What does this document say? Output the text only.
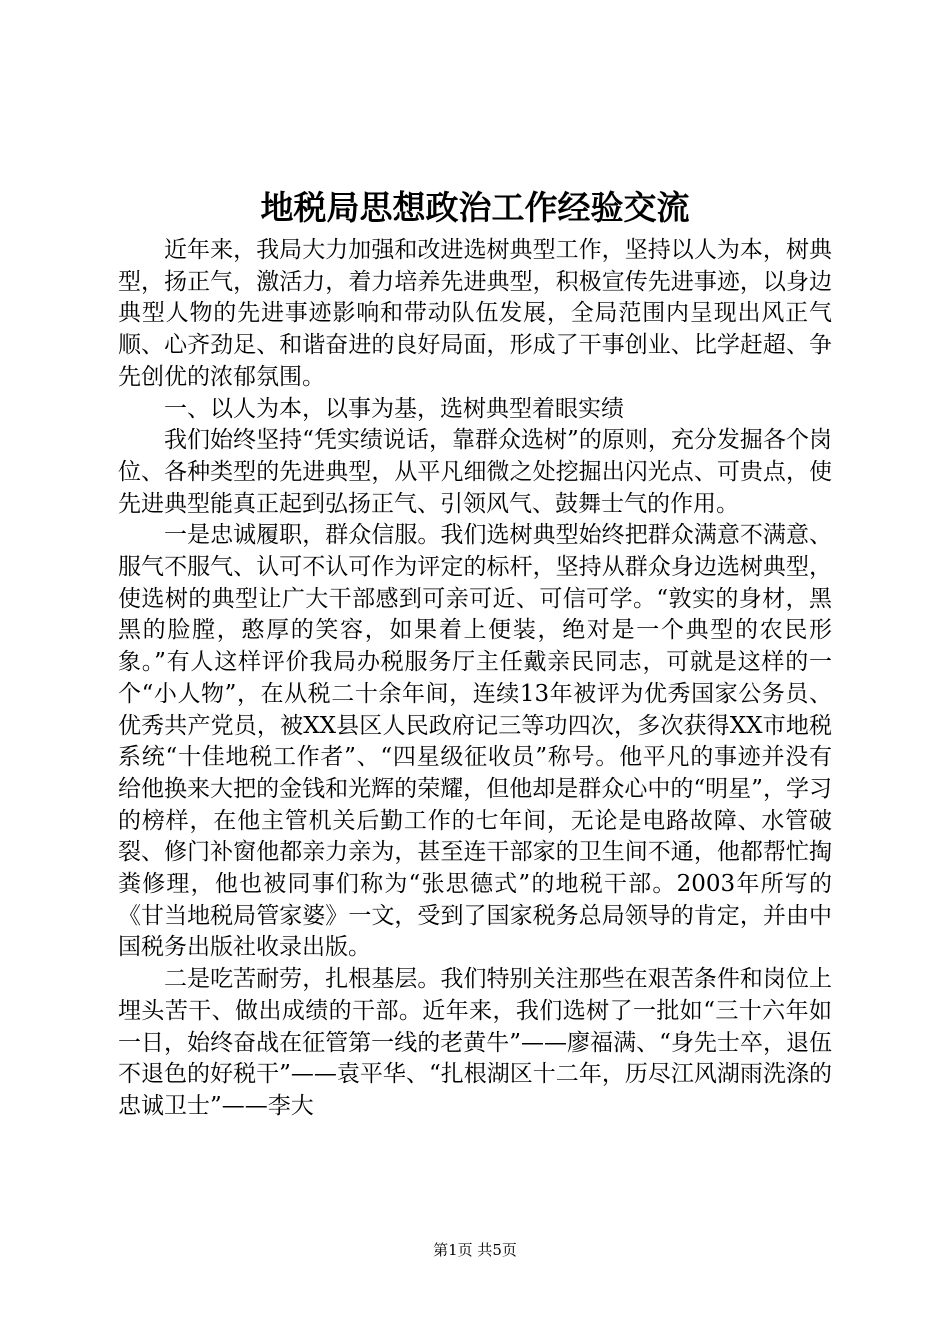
地税局思想政治工作经验交流

近年来，我局大力加强和改进选树典型工作，坚持以人为本，树典型，扬正气，激活力，着力培养先进典型，积极宣传先进事迹，以身边典型人物的先进事迹影响和带动队伍发展，全局范围内呈现出风正气顺、心齐劲足、和谐奋进的良好局面，形成了干事创业、比学赶超、争先创优的浓郁氛围。

一、以人为本，以事为基，选树典型着眼实绩

我们始终坚持“凭实绩说话，靠群众选树”的原则，充分发掘各个岗位、各种类型的先进典型，从平凡细微之处挖掘出闪光点、可贵点，使先进典型能真正起到弘扬正气、引领风气、鼓舞士气的作用。

一是忠诚履职，群众信服。我们选树典型始终把群众满意不满意、服气不服气、认可不认可作为评定的标杆，坚持从群众身边选树典型，使选树的典型让广大干部感到可亲可近、可信可学。“敦实的身材，黑黑的脸膛，憨厚的笑容，如果着上便装，绝对是一个典型的农民形象。”有人这样评价我局办税服务厅主任戴亲民同志，可就是这样的一个“小人物”，在从税二十余年间，连续13年被评为优秀国家公务员、优秀共产党员，被XX县区人民政府记三等功四次，多次获得XX市地税系统“十佳地税工作者”、“四星级征收员”称号。他平凡的事迹并没有给他换来大把的金钱和光辉的荣耀，但他却是群众心中的“明星”，学习的榜样，在他主管机关后勤工作的七年间，无论是电路故障、水管破裂、修门补窗他都亲力亲为，甚至连干部家的卫生间不通，他都帮忙掏粪修理，他也被同事们称为“张思德式”的地税干部。2003年所写的《甘当地税局管家婆》一文，受到了国家税务总局领导的肯定，并由中国税务出版社收录出版。

二是吃苦耐劳，扎根基层。我们特别关注那些在艰苦条件和岗位上埋头苦干、做出成绩的干部。近年来，我们选树了一批如“三十六年如一日，始终奋战在征管第一线的老黄牛”——廖福满、“身先士卒，退伍不退色的好税干”——袁平华、“扎根湖区十二年，历尽江风湖雨洗涤的忠诚卫士”——李大

第1页 共5页
